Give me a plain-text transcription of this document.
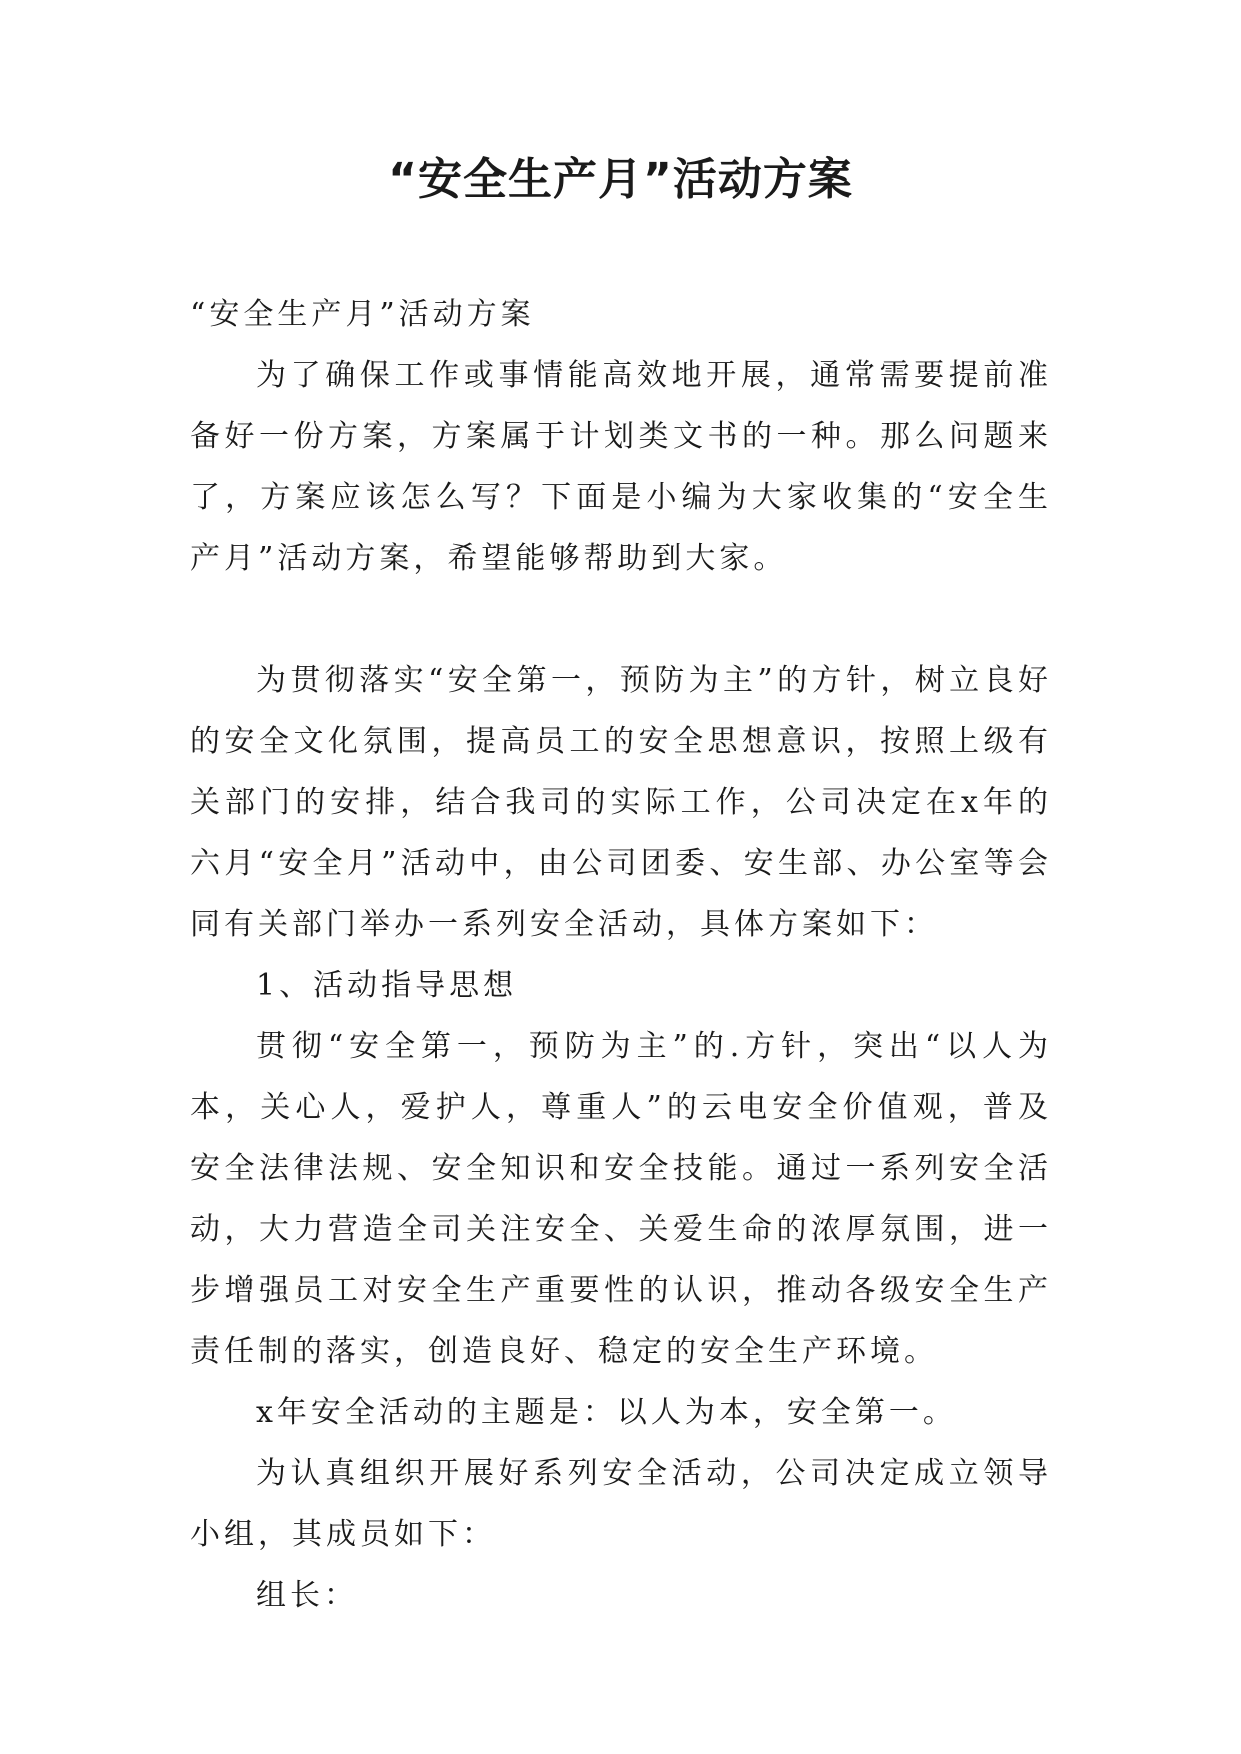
“安全生产月”活动方案

“安全生产月”活动方案

为了确保工作或事情能高效地开展，通常需要提前准备好一份方案，方案属于计划类文书的一种。那么问题来了，方案应该怎么写？下面是小编为大家收集的“安全生产月”活动方案，希望能够帮助到大家。

为贯彻落实“安全第一，预防为主”的方针，树立良好的安全文化氛围，提高员工的安全思想意识，按照上级有关部门的安排，结合我司的实际工作，公司决定在x年的六月“安全月”活动中，由公司团委、安生部、办公室等会同有关部门举办一系列安全活动，具体方案如下：

1、活动指导思想

贯彻“安全第一，预防为主”的.方针，突出“以人为本，关心人，爱护人，尊重人”的云电安全价值观，普及安全法律法规、安全知识和安全技能。通过一系列安全活动，大力营造全司关注安全、关爱生命的浓厚氛围，进一步增强员工对安全生产重要性的认识，推动各级安全生产责任制的落实，创造良好、稳定的安全生产环境。

x年安全活动的主题是：以人为本，安全第一。

为认真组织开展好系列安全活动，公司决定成立领导小组，其成员如下：

组长：
